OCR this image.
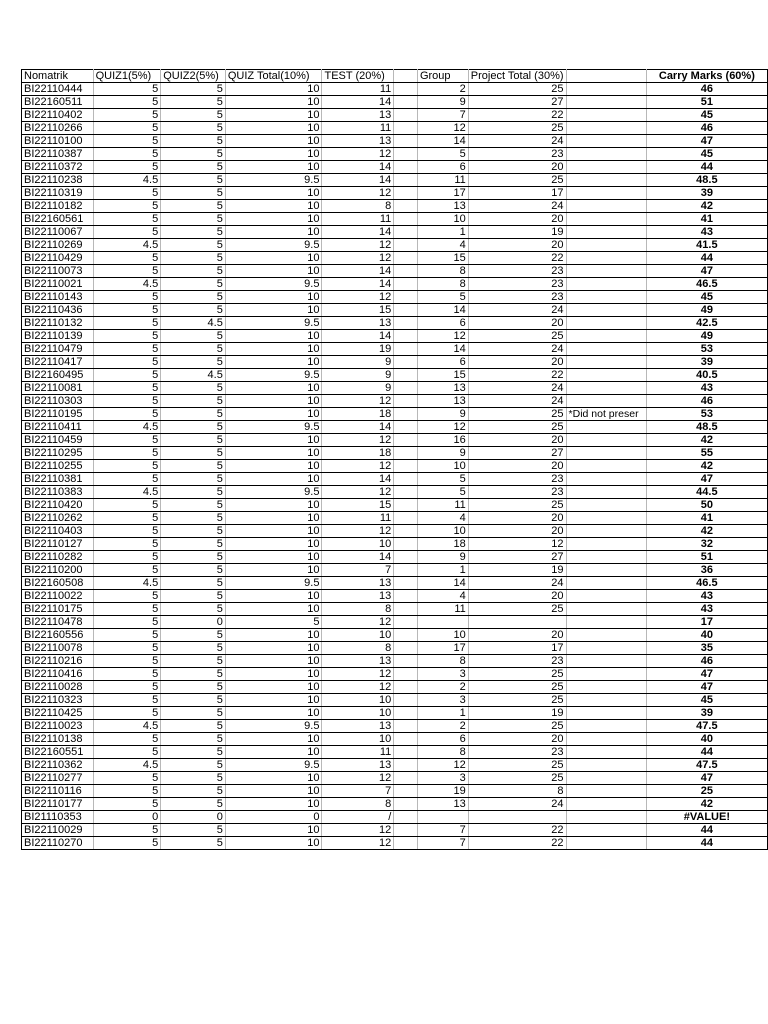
Nomatrik	QUIZ1(5%)	QUIZ2(5%)	QUIZ Total(10%)	TEST (20%)		Group	Project Total (30%)		Carry Marks (60%)
BI22110444	5	5	10	11		2	25		46
BI22160511	5	5	10	14		9	27		51
BI22110402	5	5	10	13		7	22		45
BI22110266	5	5	10	11		12	25		46
BI22110100	5	5	10	13		14	24		47
BI22110387	5	5	10	12		5	23		45
BI22110372	5	5	10	14		6	20		44
BI22110238	4.5	5	9.5	14		11	25		48.5
BI22110319	5	5	10	12		17	17		39
BI22110182	5	5	10	8		13	24		42
BI22160561	5	5	10	11		10	20		41
BI22110067	5	5	10	14		1	19		43
BI22110269	4.5	5	9.5	12		4	20		41.5
BI22110429	5	5	10	12		15	22		44
BI22110073	5	5	10	14		8	23		47
BI22110021	4.5	5	9.5	14		8	23		46.5
BI22110143	5	5	10	12		5	23		45
BI22110436	5	5	10	15		14	24		49
BI22110132	5	4.5	9.5	13		6	20		42.5
BI22110139	5	5	10	14		12	25		49
BI22110479	5	5	10	19		14	24		53
BI22110417	5	5	10	9		6	20		39
BI22160495	5	4.5	9.5	9		15	22		40.5
BI22110081	5	5	10	9		13	24		43
BI22110303	5	5	10	12		13	24		46
BI22110195	5	5	10	18		9	25	*Did not preser	53
BI22110411	4.5	5	9.5	14		12	25		48.5
BI22110459	5	5	10	12		16	20		42
BI22110295	5	5	10	18		9	27		55
BI22110255	5	5	10	12		10	20		42
BI22110381	5	5	10	14		5	23		47
BI22110383	4.5	5	9.5	12		5	23		44.5
BI22110420	5	5	10	15		11	25		50
BI22110262	5	5	10	11		4	20		41
BI22110403	5	5	10	12		10	20		42
BI22110127	5	5	10	10		18	12		32
BI22110282	5	5	10	14		9	27		51
BI22110200	5	5	10	7		1	19		36
BI22160508	4.5	5	9.5	13		14	24		46.5
BI22110022	5	5	10	13		4	20		43
BI22110175	5	5	10	8		11	25		43
BI22110478	5	0	5	12					17
BI22160556	5	5	10	10		10	20		40
BI22110078	5	5	10	8		17	17		35
BI22110216	5	5	10	13		8	23		46
BI22110416	5	5	10	12		3	25		47
BI22110028	5	5	10	12		2	25		47
BI22110323	5	5	10	10		3	25		45
BI22110425	5	5	10	10		1	19		39
BI22110023	4.5	5	9.5	13		2	25		47.5
BI22110138	5	5	10	10		6	20		40
BI22160551	5	5	10	11		8	23		44
BI22110362	4.5	5	9.5	13		12	25		47.5
BI22110277	5	5	10	12		3	25		47
BI22110116	5	5	10	7		19	8		25
BI22110177	5	5	10	8		13	24		42
BI21110353	0	0	0	/					#VALUE!
BI22110029	5	5	10	12		7	22		44
BI22110270	5	5	10	12		7	22		44
